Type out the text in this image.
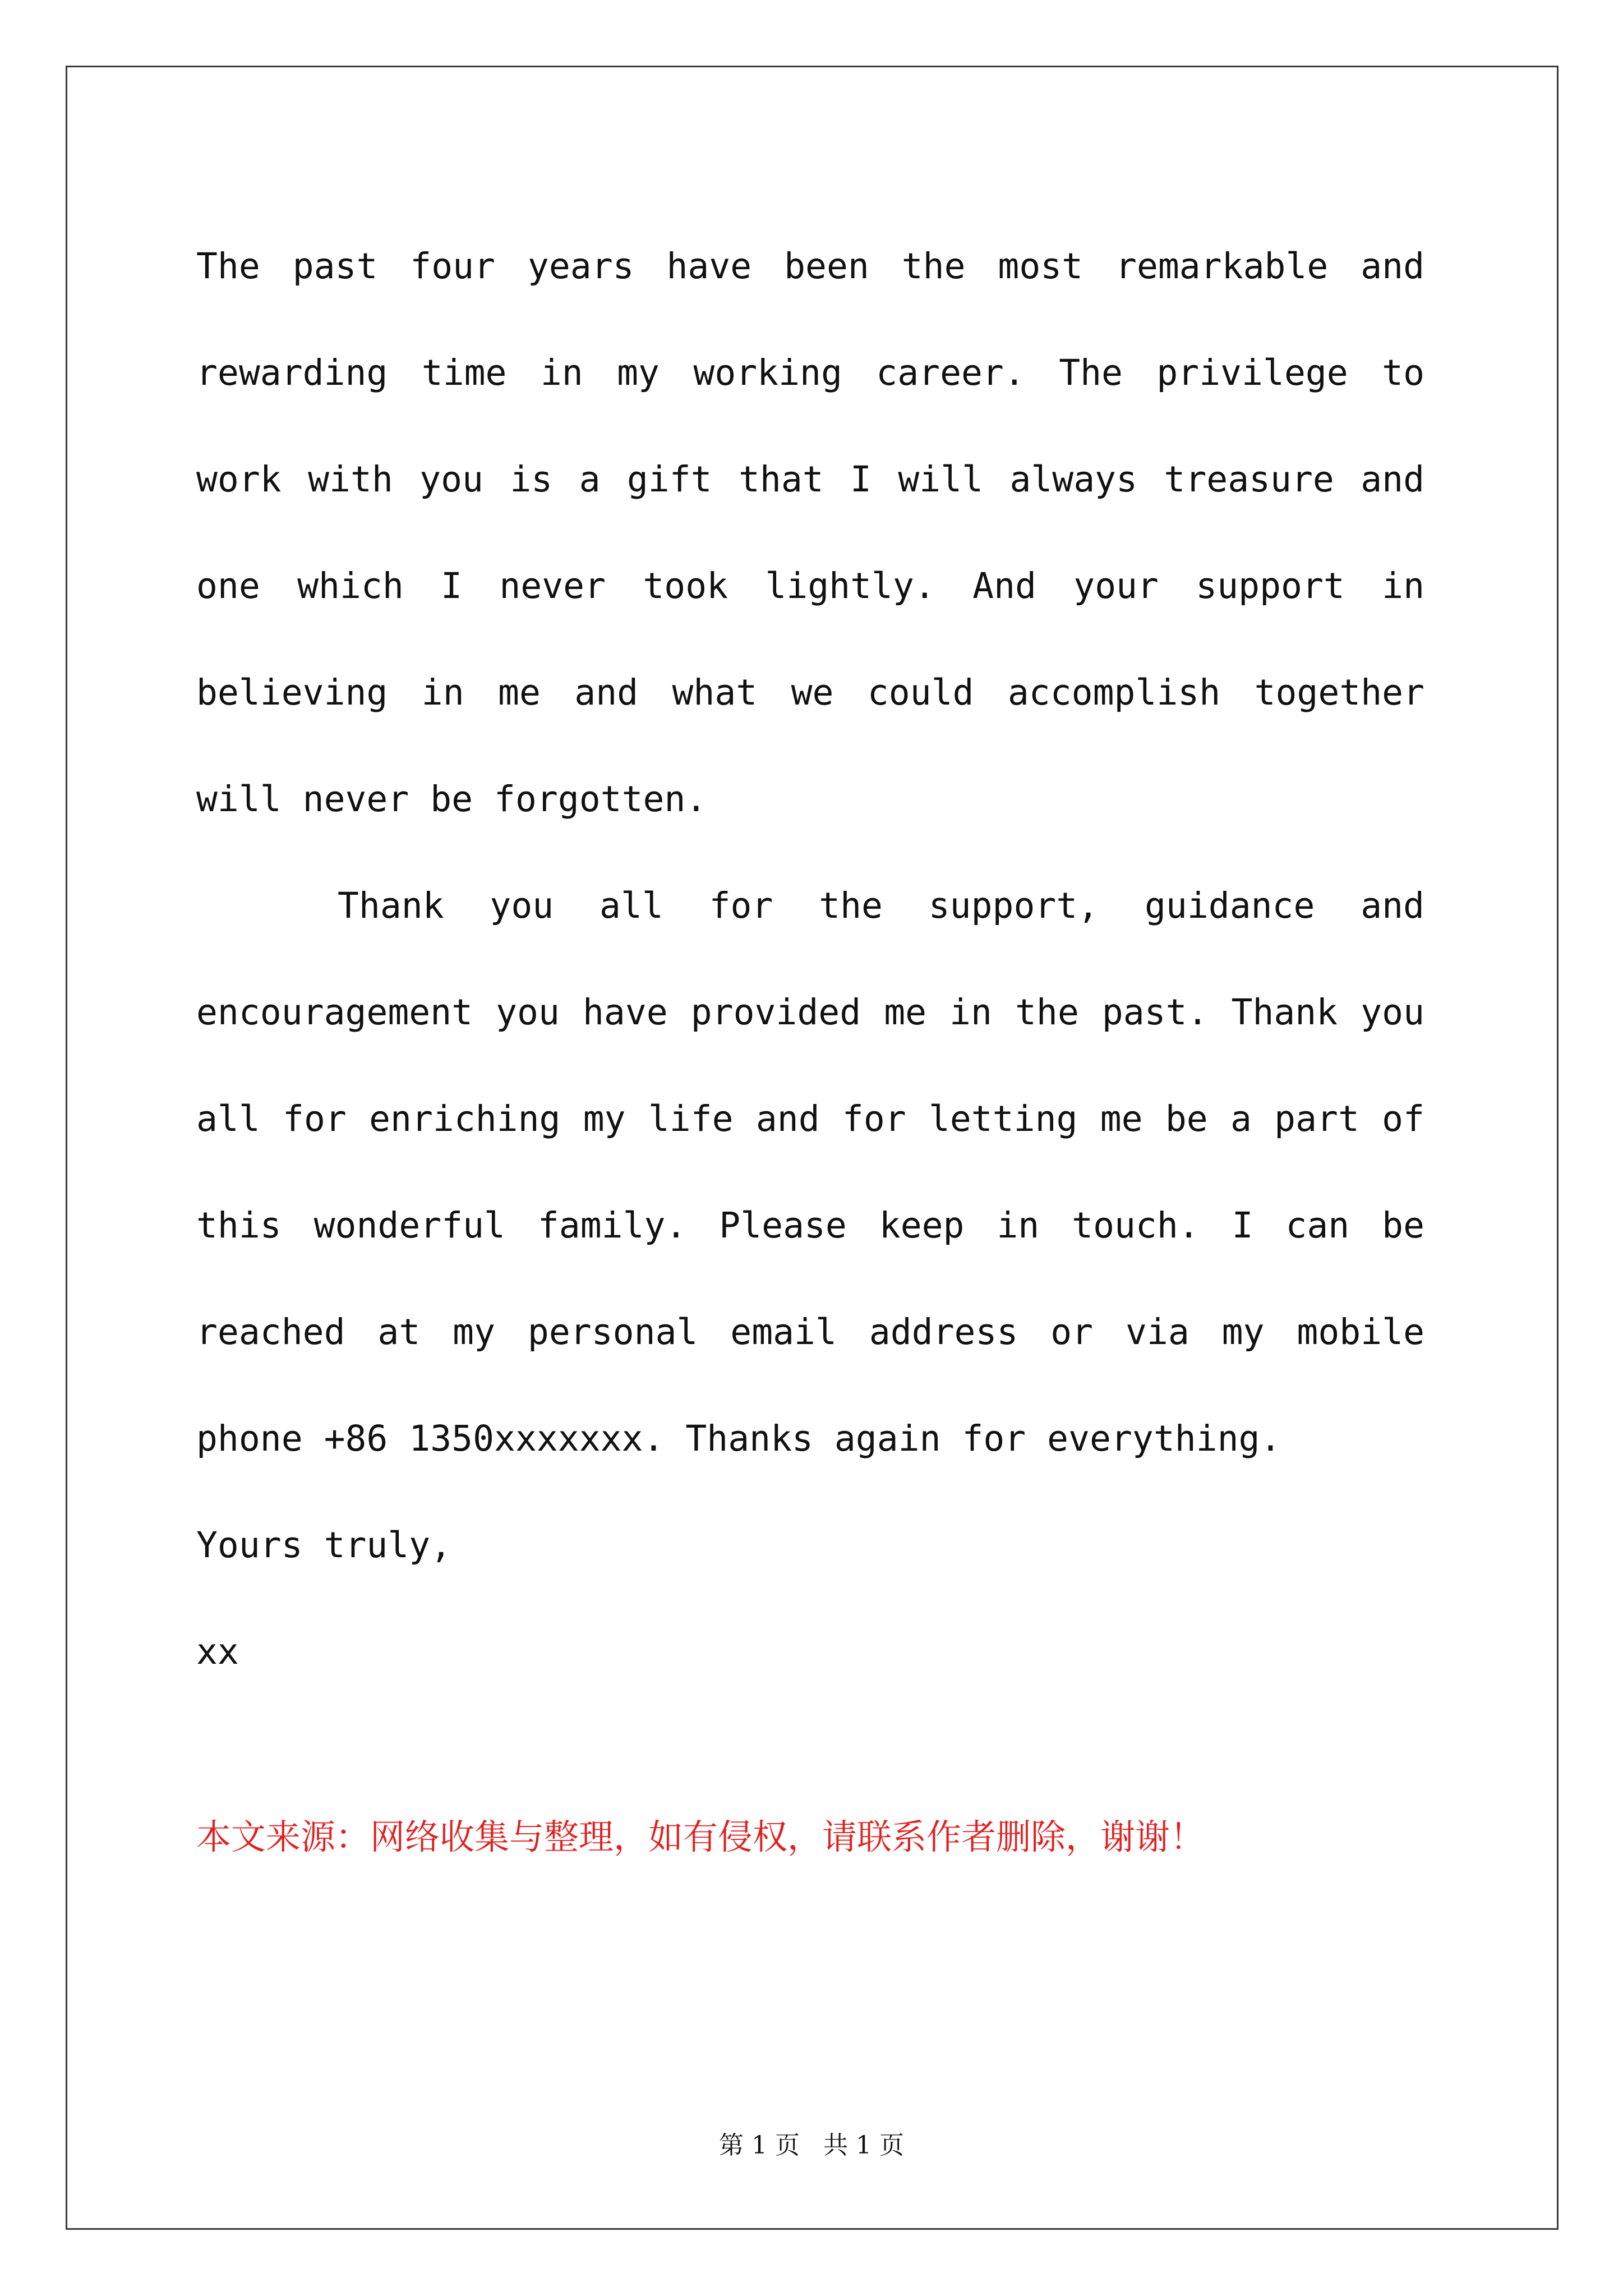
The past four years have been the most remarkable and rewarding time in my working career. The privilege to work with you is a gift that I will always treasure and one which I never took lightly. And your support in believing in me and what we could accomplish together will never be forgotten.

Thank you all for the support, guidance and encouragement you have provided me in the past. Thank you all for enriching my life and for letting me be a part of this wonderful family. Please keep in touch. I can be reached at my personal email address or via my mobile phone +86 1350xxxxxxx. Thanks again for everything.

Yours truly,

xx

本文来源：网络收集与整理，如有侵权，请联系作者删除，谢谢！
第 1 页   共 1 页
